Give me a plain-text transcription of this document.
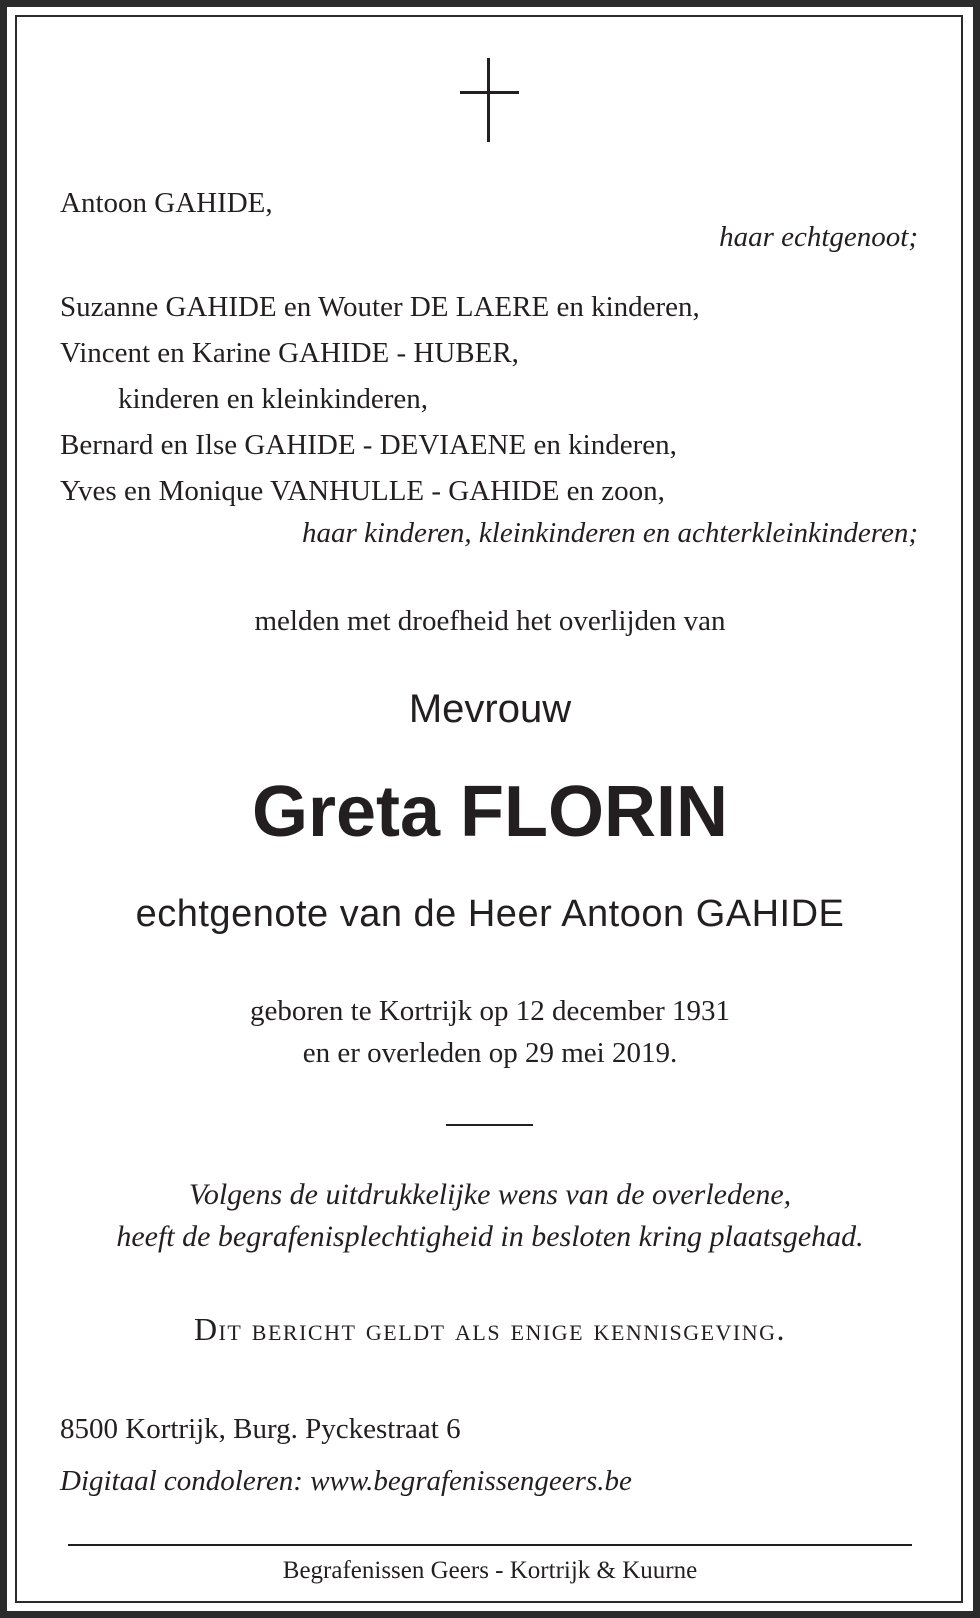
Antoon GAHIDE,

haar echtgenoot;

Suzanne GAHIDE en Wouter DE LAERE en kinderen,

Vincent en Karine GAHIDE - HUBER,

kinderen en kleinkinderen,

Bernard en Ilse GAHIDE - DEVIAENE en kinderen,

Yves en Monique VANHULLE - GAHIDE en zoon,

haar kinderen, kleinkinderen en achterkleinkinderen;

melden met droefheid het overlijden van

Mevrouw

Greta FLORIN

echtgenote van de Heer Antoon GAHIDE

geboren te Kortrijk op 12 december 1931

en er overleden op 29 mei 2019.

Volgens de uitdrukkelijke wens van de overledene,

heeft de begrafenisplechtigheid in besloten kring plaatsgehad.

Dit bericht geldt als enige kennisgeving.

8500 Kortrijk, Burg. Pyckestraat 6

Digitaal condoleren: www.begrafenissengeers.be

Begrafenissen Geers - Kortrijk & Kuurne
